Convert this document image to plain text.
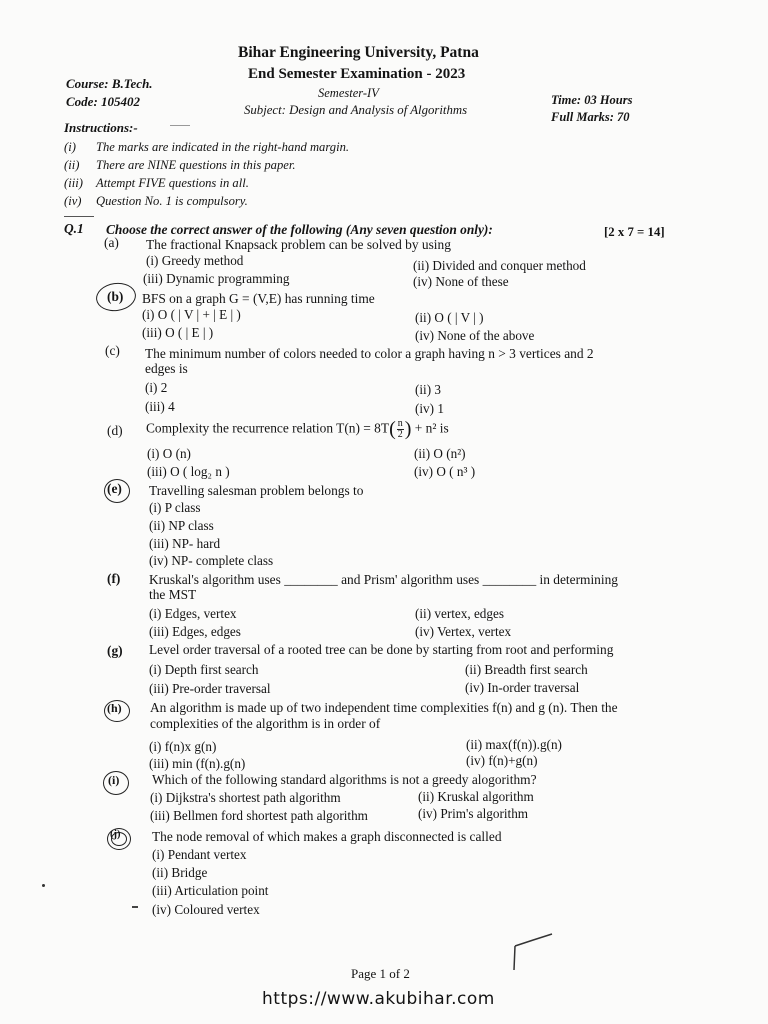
Bihar Engineering University, Patna
End Semester Examination - 2023
Semester-IV
Subject: Design and Analysis of Algorithms
Course: B.Tech.
Code: 105402	Time: 03 Hours
Full Marks: 70
Instructions:-
(i) The marks are indicated in the right-hand margin.
(ii) There are NINE questions in this paper.
(iii) Attempt FIVE questions in all.
(iv) Question No. 1 is compulsory.
Q.1 Choose the correct answer of the following (Any seven question only):	[2 x 7 = 14]
(a) The fractional Knapsack problem can be solved by using
(i) Greedy method	(ii) Divided and conquer method
(iii) Dynamic programming	(iv) None of these
(b) BFS on a graph G = (V,E) has running time
(i) O ( | V | + | E | )	(ii) O ( | V | )
(iii) O ( | E | )	(iv) None of the above
(c) The minimum number of colors needed to color a graph having n > 3 vertices and 2
edges is
(i) 2	(ii) 3
(iii) 4	(iv) 1
(d) Complexity the recurrence relation $T(n) = 8T( \frac{n}{2}$ ) + n² is
(i) O (n)	(ii) O (n²)
(iii) O ( log₂ n )	(iv) O ( n³ )
(e) Travelling salesman problem belongs to
(i) P class
(ii) NP class
(iii) NP- hard
(iv) NP- complete class
(f) Kruskal's algorithm uses ________ and Prism' algorithm uses ________ in determining
the MST
(i) Edges, vertex	(ii) vertex, edges
(iii) Edges, edges	(iv) Vertex, vertex
(g) Level order traversal of a rooted tree can be done by starting from root and performing
(i) Depth first search	(ii) Breadth first search
(iii) Pre-order traversal	(iv) In-order traversal
(h) An algorithm is made up of two independent time complexities f(n) and g (n). Then the
complexities of the algorithm is in order of
(i) f(n)x g(n)	(ii) max(f(n)).g(n)
(iii) min (f(n).g(n)	(iv) f(n)+g(n)
(i) Which of the following standard algorithms is not a greedy alogorithm?
(i) Dijkstra's shortest path algorithm	(ii) Kruskal algorithm
(iii) Bellmen ford shortest path algorithm	(iv) Prim's algorithm
(j) The node removal of which makes a graph disconnected is called
(i) Pendant vertex
(ii) Bridge
(iii) Articulation point
(iv) Coloured vertex
Page 1 of 2
https://www.akubihar.com
